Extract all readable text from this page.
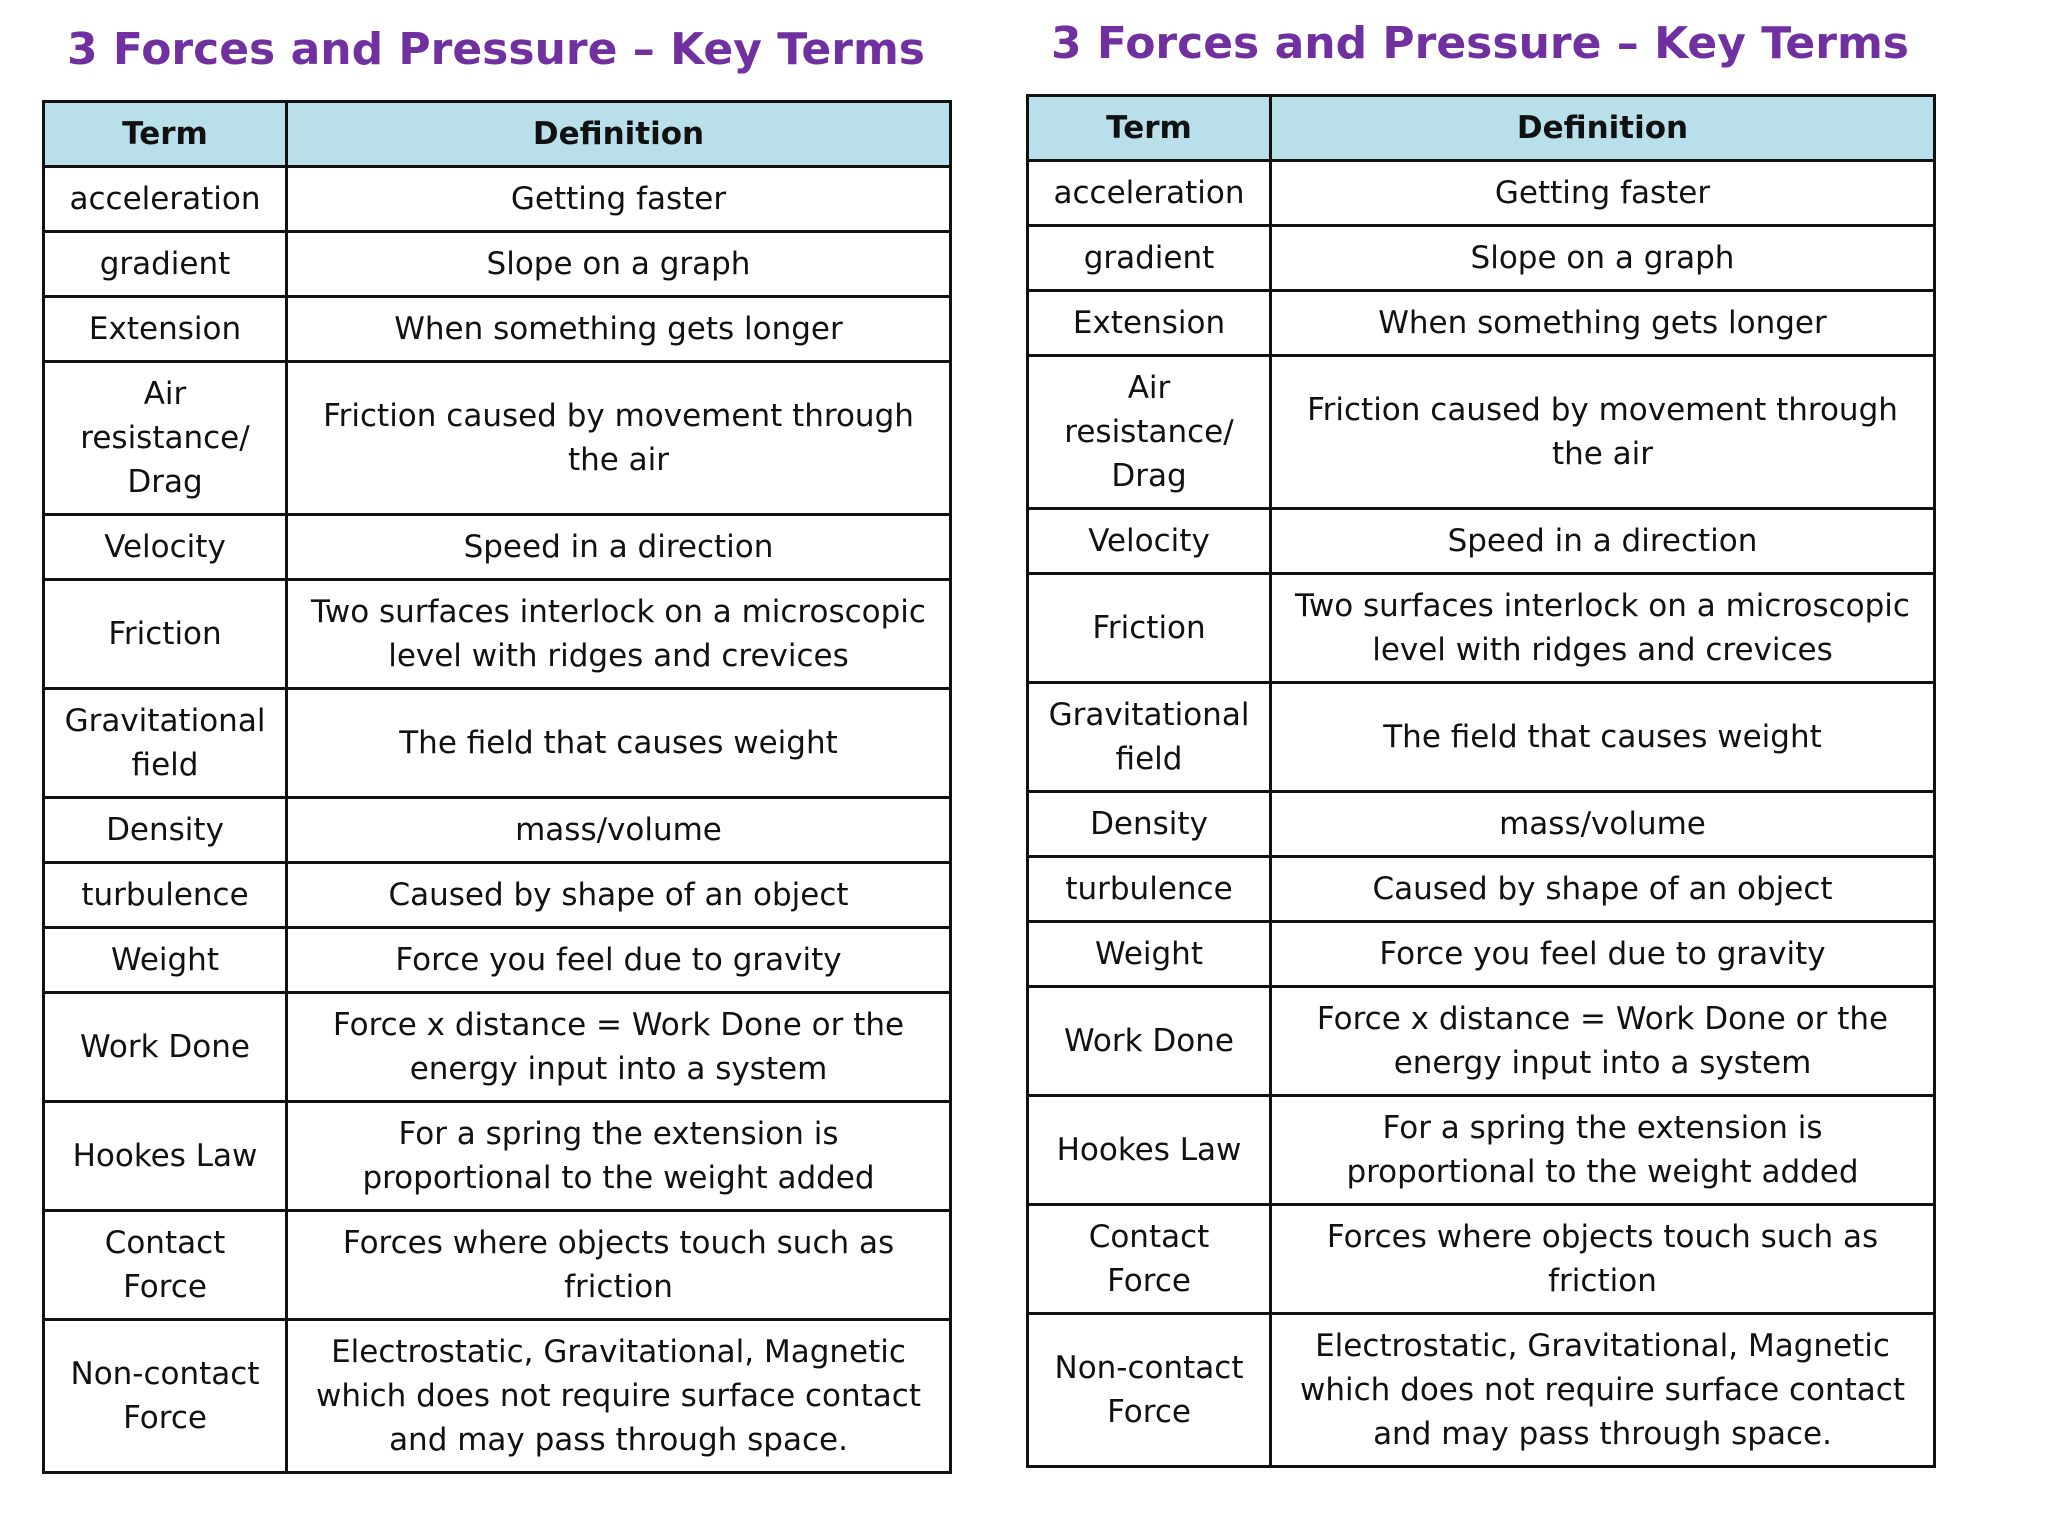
3 Forces and Pressure – Key Terms
Term	Definition
acceleration	Getting faster
gradient	Slope on a graph
Extension	When something gets longer
Air resistance/ Drag	Friction caused by movement through the air
Velocity	Speed in a direction
Friction	Two surfaces interlock on a microscopic level with ridges and crevices
Gravitational field	The field that causes weight
Density	mass/volume
turbulence	Caused by shape of an object
Weight	Force you feel due to gravity
Work Done	Force x distance = Work Done or the energy input into a system
Hookes Law	For a spring the extension is proportional to the weight added
Contact Force	Forces where objects touch such as friction
Non-contact Force	Electrostatic, Gravitational, Magnetic which does not require surface contact and may pass through space.
3 Forces and Pressure – Key Terms
Term	Definition
acceleration	Getting faster
gradient	Slope on a graph
Extension	When something gets longer
Air resistance/ Drag	Friction caused by movement through the air
Velocity	Speed in a direction
Friction	Two surfaces interlock on a microscopic level with ridges and crevices
Gravitational field	The field that causes weight
Density	mass/volume
turbulence	Caused by shape of an object
Weight	Force you feel due to gravity
Work Done	Force x distance = Work Done or the energy input into a system
Hookes Law	For a spring the extension is proportional to the weight added
Contact Force	Forces where objects touch such as friction
Non-contact Force	Electrostatic, Gravitational, Magnetic which does not require surface contact and may pass through space.
